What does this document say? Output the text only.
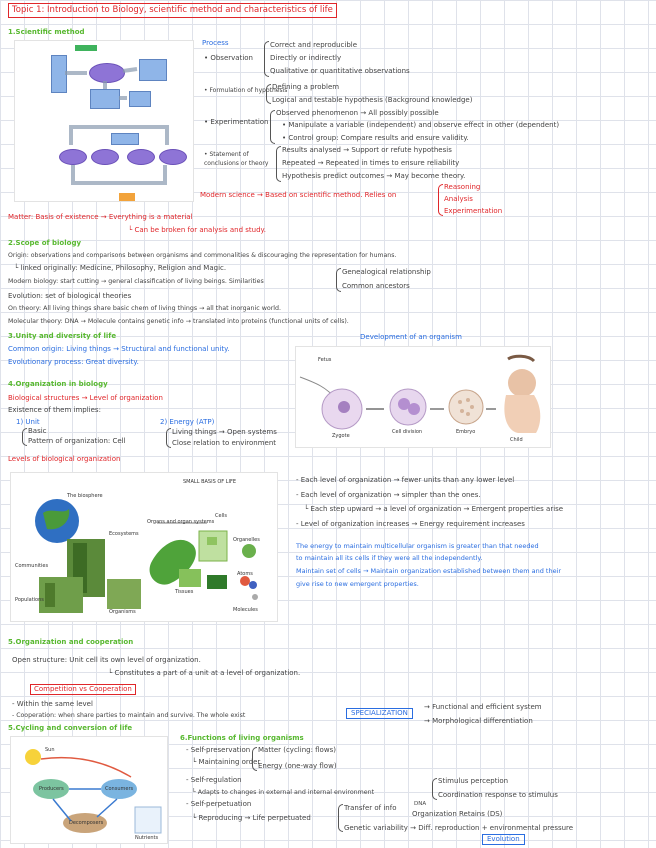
Topic 1: Introduction to Biology, scientific method and characteristics of life
1.Scientific method
Process
• Observation
Correct and reproducible
Directly or indirectly
Qualitative or quantitative observations
• Formulation of hypothesis
Defining a problem
Logical and testable hypothesis (Background knowledge)
• Experimentation
Observed phenomenon → All possibly possible
• Manipulate a variable (independent) and observe effect in other (dependent)
• Control group: Compare results and ensure validity.
• Statement of conclusions or theory
Results analysed → Support or refute hypothesis
Repeated → Repeated in times to ensure reliability
Hypothesis predict outcomes → May become theory.
Modern science → Based on scientific method. Relies on
Reasoning
Analysis
Experimentation
Matter: Basis of existence → Everything is a material
└ Can be broken for analysis and study.
2.Scope of biology
Origin: observations and comparisons between organisms and commonalities & discouraging the representation for humans.
└ linked originally: Medicine, Philosophy, Religion and Magic.
Modern biology: start cutting → general classification of living beings. Similarities
Genealogical relationship
Common ancestors
Evolution: set of biological theories
On theory: All living things share basic chem of living things → all that inorganic world.
Molecular theory: DNA → Molecule contains genetic info → translated into proteins (functional units of cells).
3.Unity and diversity of life
Common origin: Living things → Structural and functional unity.
Evolutionary process: Great diversity.
Development of an organism
Zygote
Cell division	Embryo
Fetus
Child
4.Organization in biology
Biological structures → Level of organization
Existence of them implies:
1) Unit
Basic
Pattern of organization: Cell
2) Energy (ATP)
Living things → Open systems
Close relation to environment
Levels of biological organization
The biosphere
SMALL BASIS OF LIFE
Cells
Ecosystems
Organs and organ systems
Communities
Organelles
Tissues
Atoms
Populations
Organisms	Molecules
- Each level of organization → fewer units than any lower level
- Each level of organization → simpler than the ones.
└ Each step upward → a level of organization → Emergent properties arise
- Level of organization increases → Energy requirement increases
The energy to maintain multicellular organism is greater than that needed
to maintain all its cells if they were all the independently.
Maintain set of cells → Maintain organization established between them and their
give rise to new emergent properties.
5.Organization and cooperation
Open structure: Unit cell its own level of organization.
└ Constitutes a part of a unit at a level of organization.
Competition vs Cooperation
- Within the same level
- Cooperation: when share parties to maintain and survive. The whole exist	SPECIALIZATION
→ Functional and efficient system
→ Morphological differentiation
5.Cycling and conversion of life
Sun
Producers	Consumers
Decomposers
Nutrients
6.Functions of living organisms
- Self-preservation
└ Maintaining order
Matter (cycling: flows)
Energy (one-way flow)
- Self-regulation
└ Adapts to changes in external and internal environment
Stimulus perception
Coordination response to stimulus
- Self-perpetuation
└ Reproducing → Life perpetuated
Transfer of info	DNA
Organization Retains (DS)
Genetic variability → Diff. reproduction + environmental pressure
Evolution
